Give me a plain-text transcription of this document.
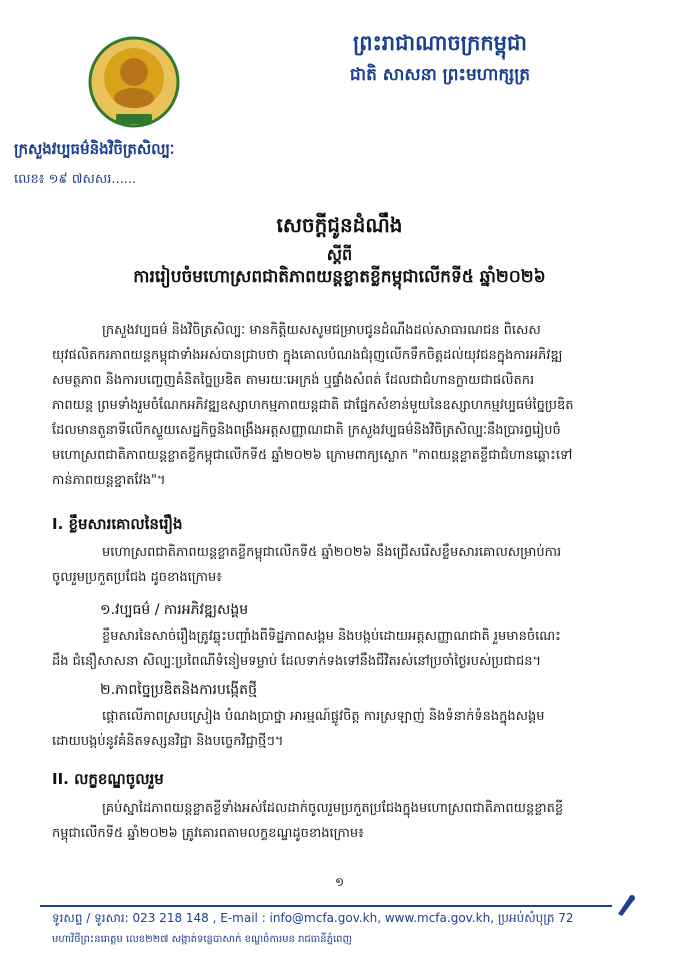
ព្រះរាជាណាចក្រកម្ពុជា
ជាតិ សាសនា ព្រះមហាក្សត្រ
ក្រសួងវប្បធម៌និងវិចិត្រសិល្បៈ
លេខ៖ ១៩ ៧សសរ......
សេចក្តីជូនដំណឹង
ស្តីពី
ការរៀបចំមហោស្រពជាតិភាពយន្តខ្លាតខ្លីកម្ពុជាលើកទី៥ ឆ្នាំ២០២៦
ក្រសួងវប្បធម៌ និងវិចិត្រសិល្បៈ មានកិត្តិយសសូមជម្រាបជូនដំណឹងដល់សាធារណជន ពិសេស
យុវផលិតករភាពយន្តកម្ពុជាទាំងអស់បានជ្រាបថា ក្នុងគោលបំណងជំរុញលើកទឹកចិត្តដល់យុវជនក្នុងការអភិវឌ្ឍ
សមត្ថភាព និងការបញ្ចេញគំនិតច្នៃប្រឌិត តាមរយៈអេក្រង់ ឬផ្ទាំងសំពត់ ដែលជាជំហានក្លាយជាផលិតករ
ភាពយន្ត ព្រមទាំងរួមចំណែកអភិវឌ្ឍឧស្សាហកម្មភាពយន្តជាតិ ជាផ្នែកសំខាន់មួយនៃឧស្សាហកម្មវប្បធម៌ច្នៃប្រឌិត
ដែលមានតួនាទីលើកស្ទួយសេដ្ឋកិច្ចនិងពង្រឹងអត្តសញ្ញាណជាតិ ក្រសួងវប្បធម៌និងវិចិត្រសិល្បៈនឹងប្រារព្ធរៀបចំ
មហោស្រពជាតិភាពយន្តខ្លាតខ្លីកម្ពុជាលើកទី៥ ឆ្នាំ២០២៦ ក្រោមពាក្យស្លោក "ភាពយន្តខ្លាតខ្លីជាជំហានឆ្ពោះទៅ
កាន់ភាពយន្តខ្នាតវែង"។
I. ខ្លឹមសារគោលនៃរឿង
មហោស្រពជាតិភាពយន្តខ្លាតខ្លីកម្ពុជាលើកទី៥ ឆ្នាំ២០២៦ នឹងជ្រើសរើសខ្លឹមសារគោលសម្រាប់ការ
ចូលរួមប្រកួតប្រជែង ដូចខាងក្រោម៖
១.វប្បធម៌ / ការអភិវឌ្ឍសង្គម
ខ្លឹមសារនៃសាច់រឿងត្រូវឆ្លុះបញ្ចាំងពីទិដ្ឋភាពសង្គម និងបង្កប់ដោយអត្តសញ្ញាណជាតិ រួមមានចំណេះ
ដឹង ជំនឿសាសនា សិល្បៈប្រពៃណីទំនៀមទម្លាប់ ដែលទាក់ទងទៅនឹងជីវិតរស់នៅប្រចាំថ្ងៃរបស់ប្រជាជន។
២.ភាពច្នៃប្រឌិតនិងការបង្កើតថ្មី
ផ្តោតលើភាពស្របស្រៀង បំណងប្រាថ្នា អារម្មណ៍ផ្លូវចិត្ត ការស្រឡាញ់ និងទំនាក់ទំនងក្នុងសង្គម
ដោយបង្កប់នូវគំនិតទស្សនវិជ្ជា និងបច្ចេកវិជ្ជាថ្មីៗ។
II. លក្ខខណ្ឌចូលរួម
គ្រប់ស្នាដៃភាពយន្តខ្លាតខ្លីទាំងអស់ដែលដាក់ចូលរួមប្រកួតប្រជែងក្នុងមហោស្រពជាតិភាពយន្តខ្លាតខ្លី
កម្ពុជាលើកទី៥ ឆ្នាំ២០២៦ ត្រូវគោរពតាមលក្ខខណ្ឌដូចខាងក្រោម៖
១
ទូរសព្ទ / ទូរសារ: 023 218 148 , E-mail : info@mcfa.gov.kh, www.mcfa.gov.kh, ប្រអប់សំបុត្រ 72
មហាវិថីព្រះនរោត្តម លេខ២២៧ សង្កាត់ទន្លេបាសាក់ ខណ្ឌចំការមន រាជធានីភ្នំពេញ
